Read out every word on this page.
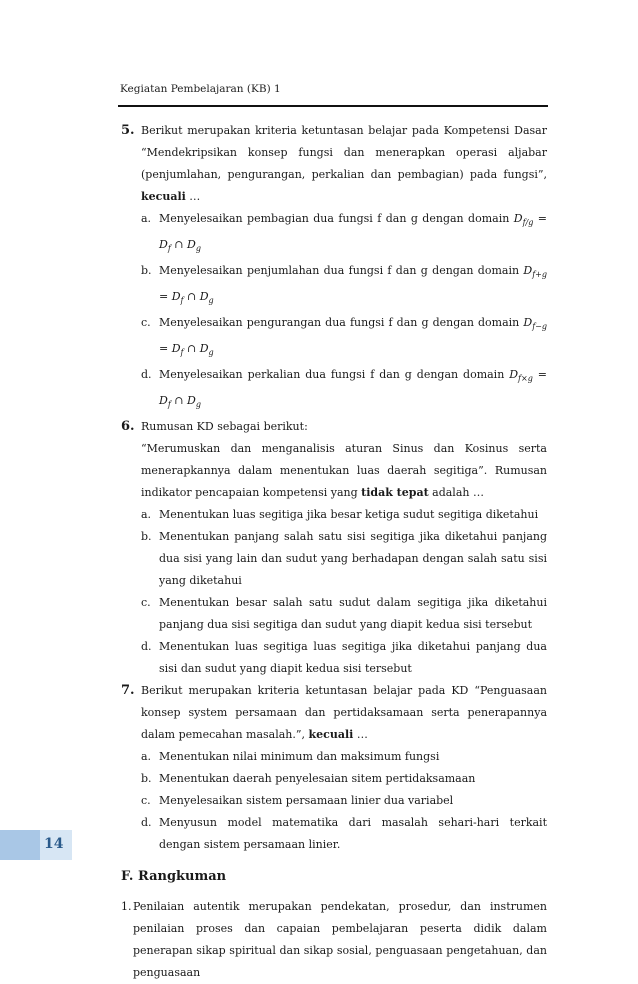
Kegiatan Pembelajaran (KB) 1
5. Berikut merupakan kriteria ketuntasan belajar pada Kompetensi Dasar “Mendekripsikan konsep fungsi dan menerapkan operasi aljabar (penjumlahan, pengurangan, perkalian dan pembagian) pada fungsi”, kecuali …
a. Menyelesaikan pembagian dua fungsi f dan g dengan domain $D_{f/g} = D_f$ ∩ $D_g$
b. Menyelesaikan penjumlahan dua fungsi f dan g dengan domain $D_{f+g} = D_f$ ∩ $D_g$
c. Menyelesaikan pengurangan dua fungsi f dan g dengan domain $D_{f-g} = D_f$ ∩ $D_g$
d. Menyelesaikan perkalian dua fungsi f dan g dengan domain $D_{f\times g} = D_f$ ∩ $D_g$
6. Rumusan KD sebagai berikut:
“Merumuskan dan menganalisis aturan Sinus dan Kosinus serta menerapkannya dalam menentukan luas daerah segitiga”. Rumusan indikator pencapaian kompetensi yang tidak tepat adalah …
a. Menentukan luas segitiga jika besar ketiga sudut segitiga diketahui
b. Menentukan panjang salah satu sisi segitiga jika diketahui panjang dua sisi yang lain dan sudut yang berhadapan dengan salah satu sisi yang diketahui
c. Menentukan besar salah satu sudut dalam segitiga jika diketahui panjang dua sisi segitiga dan sudut yang diapit kedua sisi tersebut
d. Menentukan luas segitiga luas segitiga jika diketahui panjang dua sisi dan sudut yang diapit kedua sisi tersebut
7. Berikut merupakan kriteria ketuntasan belajar pada KD “Penguasaan konsep system persamaan dan pertidaksamaan serta penerapannya dalam pemecahan masalah.”, kecuali …
a. Menentukan nilai minimum dan maksimum fungsi
b. Menentukan daerah penyelesaian sitem pertidaksamaan
c. Menyelesaikan sistem persamaan linier dua variabel
d. Menyusun model matematika dari masalah sehari-hari terkait dengan sistem persamaan linier.
F. Rangkuman
1. Penilaian autentik merupakan pendekatan, prosedur, dan instrumen penilaian proses dan capaian pembelajaran peserta didik dalam penerapan sikap spiritual dan sikap sosial, penguasaan pengetahuan, dan penguasaan
14
